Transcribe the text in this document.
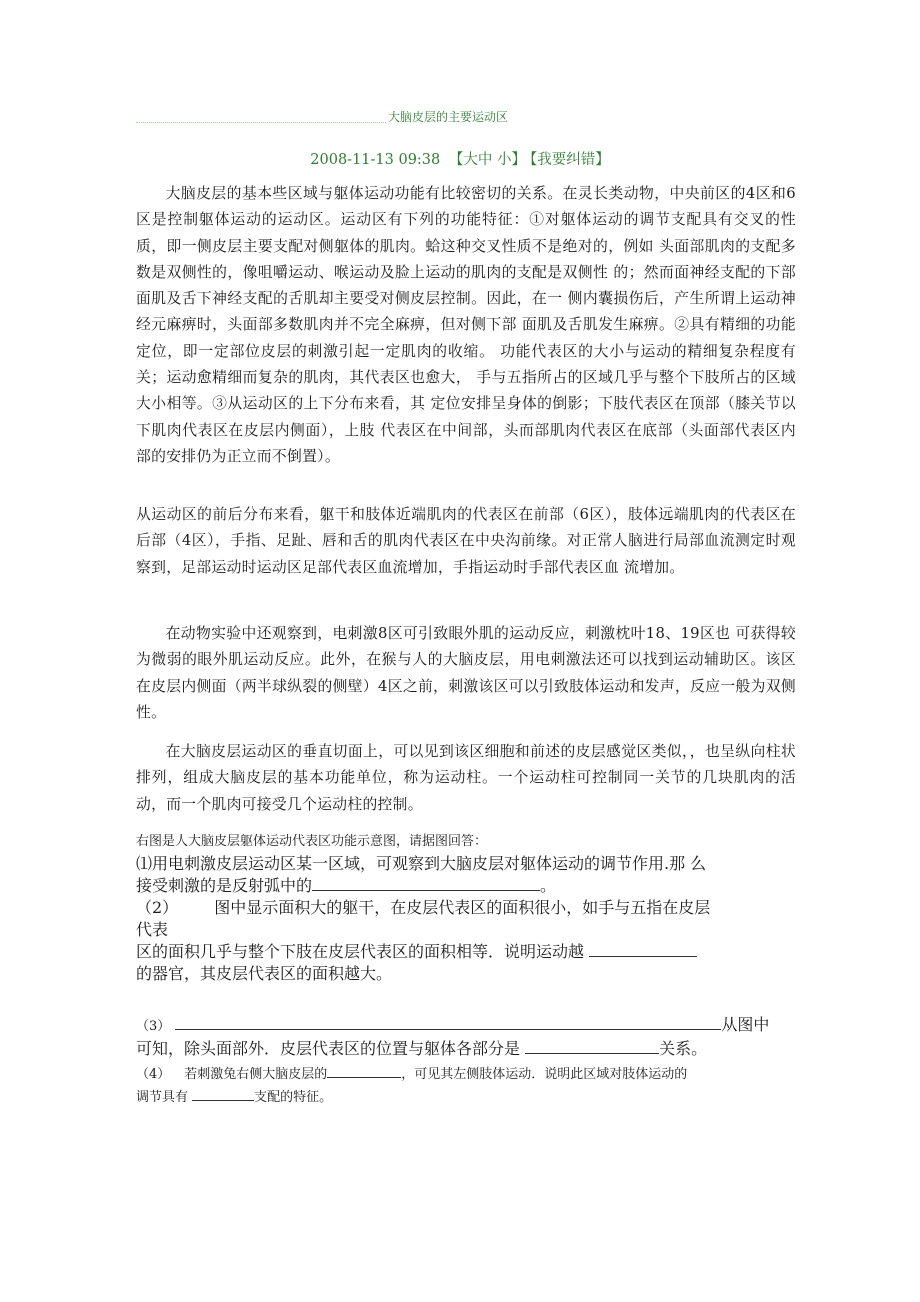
大脑皮层的主要运动区
2008-11-13 09:38 【大中 小】 【我要纠错】

大脑皮层的基本些区域与躯体运动功能有比较密切的关系。在灵长类动物，中央前区的4区和6区是控制躯体运动的运动区。运动区有下列的功能特征：①对躯体运动的调节支配具有交叉的性质，即一侧皮层主要支配对侧躯体的肌肉。蛤这种交叉性质不是绝对的，例如 头面部肌肉的支配多数是双侧性的，像咀嚼运动、喉运动及脸上运动的肌肉的支配是双侧性 的；然而面神经支配的下部面肌及舌下神经支配的舌肌却主要受对侧皮层控制。因此，在一 侧内囊损伤后，产生所谓上运动神经元麻痹时，头面部多数肌肉并不完全麻痹，但对侧下部 面肌及舌肌发生麻痹。②具有精细的功能定位，即一定部位皮层的刺激引起一定肌肉的收缩。 功能代表区的大小与运动的精细复杂程度有关；运动愈精细而复杂的肌肉，其代表区也愈大， 手与五指所占的区域几乎与整个下肢所占的区域大小相等。③从运动区的上下分布来看，其 定位安排呈身体的倒影；下肢代表区在顶部（膝关节以下肌肉代表区在皮层内侧面），上肢 代表区在中间部，头而部肌肉代表区在底部（头面部代表区内部的安排仍为正立而不倒置）。

从运动区的前后分布来看，躯干和肢体近端肌肉的代表区在前部（6区），肢体远端肌肉的代表区在后部（4区），手指、足趾、唇和舌的肌肉代表区在中央沟前缘。对正常人脑进行局部血流测定时观察到，足部运动时运动区足部代表区血流增加，手指运动时手部代表区血 流增加。

在动物实验中还观察到，电刺激8区可引致眼外肌的运动反应，刺激枕叶18、19区也 可获得较为微弱的眼外肌运动反应。此外，在猴与人的大脑皮层，用电刺激法还可以找到运动辅助区。该区在皮层内侧面（两半球纵裂的侧壁）4区之前，刺激该区可以引致肢体运动和发声，反应一般为双侧性。

在大脑皮层运动区的垂直切面上，可以见到该区细胞和前述的皮层感觉区类似，，也呈纵向柱状排列，组成大脑皮层的基本功能单位，称为运动柱。一个运动柱可控制同一关节的几块肌肉的活动，而一个肌肉可接受几个运动柱的控制。

右图是人大脑皮层躯体运动代表区功能示意图，请据图回答：

⑴用电刺激皮层运动区某一区域，可观察到大脑皮层对躯体运动的调节作用.那 么
接受刺激的是反射弧中的	。

（2） 图中显示面积大的躯干，在皮层代表区的面积很小，如手与五指在皮层
代表
区的面积几乎与整个下肢在皮层代表区的面积相等．说明运动越
的器官，其皮层代表区的面积越大。

（3）	从图中
可知，除头面部外．皮层代表区的位置与躯体各部分是	关系。

（4） 若刺激兔右侧大脑皮层的	，可见其左侧肢体运动．说明此区域对肢体运动的
调节具有	支配的特征。
